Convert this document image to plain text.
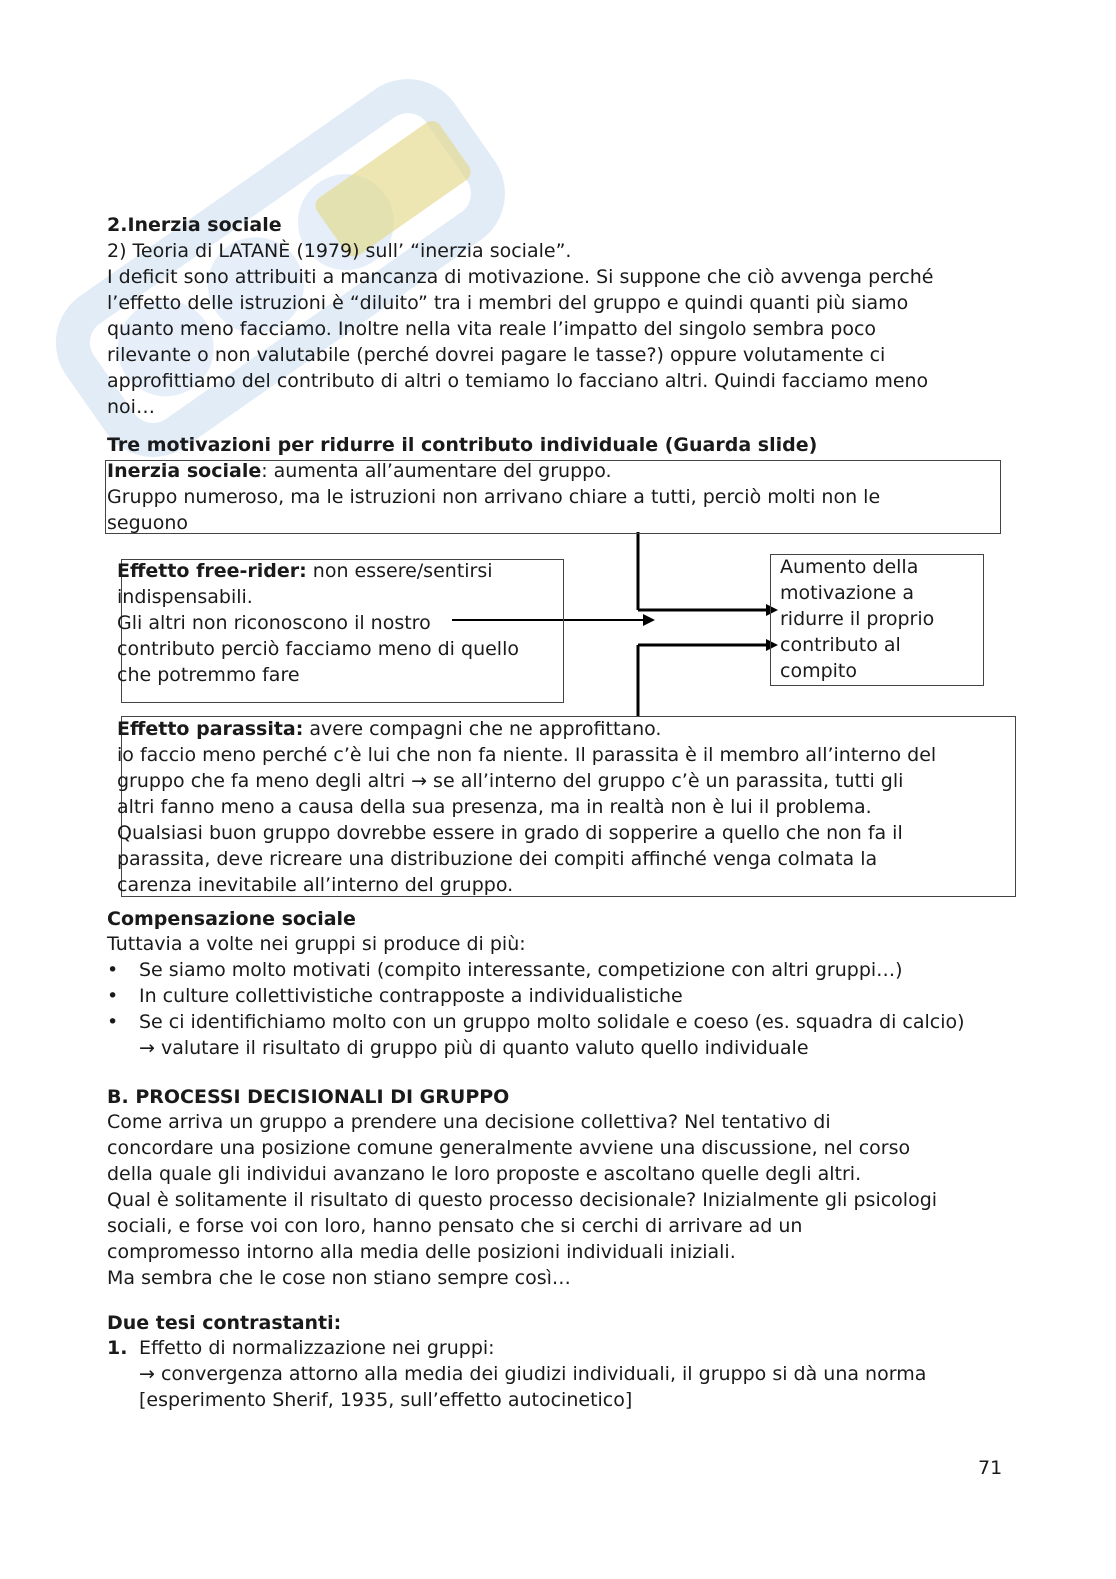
2.Inerzia sociale
2) Teoria di LATANÈ (1979) sull’ “inerzia sociale”.
I deficit sono attribuiti a mancanza di motivazione. Si suppone che ciò avvenga perché
l’effetto delle istruzioni è “diluito” tra i membri del gruppo e quindi quanti più siamo
quanto meno facciamo. Inoltre nella vita reale l’impatto del singolo sembra poco
rilevante o non valutabile (perché dovrei pagare le tasse?) oppure volutamente ci
approfittiamo del contributo di altri o temiamo lo facciano altri. Quindi facciamo meno
noi…
Tre motivazioni per ridurre il contributo individuale (Guarda slide)
Inerzia sociale: aumenta all’aumentare del gruppo.
Gruppo numeroso, ma le istruzioni non arrivano chiare a tutti, perciò molti non le
seguono
Effetto free-rider: non essere/sentirsi
indispensabili.
Gli altri non riconoscono il nostro
contributo perciò facciamo meno di quello
che potremmo fare
Aumento della
motivazione a
ridurre il proprio
contributo al
compito
Effetto parassita: avere compagni che ne approfittano.
io faccio meno perché c’è lui che non fa niente. Il parassita è il membro all’interno del
gruppo che fa meno degli altri → se all’interno del gruppo c’è un parassita, tutti gli
altri fanno meno a causa della sua presenza, ma in realtà non è lui il problema.
Qualsiasi buon gruppo dovrebbe essere in grado di sopperire a quello che non fa il
parassita, deve ricreare una distribuzione dei compiti affinché venga colmata la
carenza inevitabile all’interno del gruppo.
Compensazione sociale
Tuttavia a volte nei gruppi si produce di più:
• Se siamo molto motivati (compito interessante, competizione con altri gruppi…)
• In culture collettivistiche contrapposte a individualistiche
• Se ci identifichiamo molto con un gruppo molto solidale e coeso (es. squadra di calcio) → valutare il risultato di gruppo più di quanto valuto quello individuale
B. PROCESSI DECISIONALI DI GRUPPO
Come arriva un gruppo a prendere una decisione collettiva? Nel tentativo di
concordare una posizione comune generalmente avviene una discussione, nel corso
della quale gli individui avanzano le loro proposte e ascoltano quelle degli altri.
Qual è solitamente il risultato di questo processo decisionale? Inizialmente gli psicologi
sociali, e forse voi con loro, hanno pensato che si cerchi di arrivare ad un
compromesso intorno alla media delle posizioni individuali iniziali.
Ma sembra che le cose non stiano sempre così…
Due tesi contrastanti:
1. Effetto di normalizzazione nei gruppi:
→ convergenza attorno alla media dei giudizi individuali, il gruppo si dà una norma
[esperimento Sherif, 1935, sull’effetto autocinetico]
71
